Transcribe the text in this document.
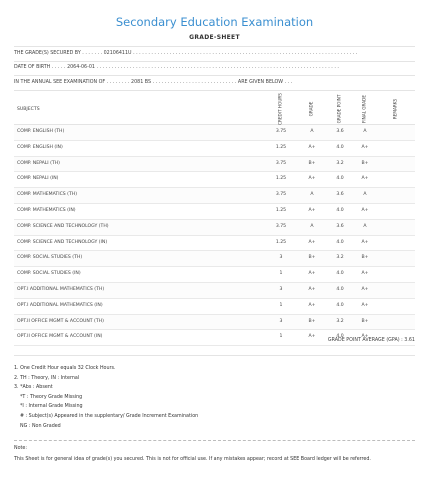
Secondary Education Examination
GRADE-SHEET
THE GRADE(S) SECURED BY . . . . . . . 02106411U . . . . . . . . . . . . . . . . . . . . . . . . . . . . . . . . . . . . . . . . . . . . . . . . . . . . . . . . . . . . . . . . . . . . . . . . . .
DATE OF BIRTH . . . . . 2064-06-01 . . . . . . . . . . . . . . . . . . . . . . . . . . . . . . . . . . . . . . . . . . . . . . . . . . . . . . . . . . . . . . . . . . . . . . . . . . . . . . . .
IN THE ANNUAL SEE EXAMINATION OF . . . . . . . . 2081 BS . . . . . . . . . . . . . . . . . . . . . . . . . . . . ARE GIVEN BELOW . . .
SUBJECTS	CREDIT HOURS	GRADE	GRADE POINT	FINAL GRADE	REMARKS
COMP. ENGLISH (TH)	3.75	A	3.6	A
COMP. ENGLISH (IN)	1.25	A+	4.0	A+
COMP. NEPALI (TH)	3.75	B+	3.2	B+
COMP. NEPALI (IN)	1.25	A+	4.0	A+
COMP. MATHEMATICS (TH)	3.75	A	3.6	A
COMP. MATHEMATICS (IN)	1.25	A+	4.0	A+
COMP. SCIENCE AND TECHNOLOGY (TH)	3.75	A	3.6	A
COMP. SCIENCE AND TECHNOLOGY (IN)	1.25	A+	4.0	A+
COMP. SOCIAL STUDIES (TH)	3	B+	3.2	B+
COMP. SOCIAL STUDIES (IN)	1	A+	4.0	A+
OPT.I ADDITIONAL MATHEMATICS (TH)	3	A+	4.0	A+
OPT.I ADDITIONAL MATHEMATICS (IN)	1	A+	4.0	A+
OPT.II OFFICE MGMT & ACCOUNT (TH)	3	B+	3.2	B+
OPT.II OFFICE MGMT & ACCOUNT (IN)	1	A+	4.0	A+
GRADE POINT AVERAGE (GPA) : 3.61
1. One Credit Hour equals 32 Clock Hours.
2. TH : Theory, IN : Internal
3. *Abs : Absent
*T : Theory Grade Missing
*I : Internal Grade Missing
# : Subject(s) Appeared in the supplentary/ Grade Increment Examination
NG : Non Graded
Note:
This Sheet is for general idea of grade(s) you secured. This is not for official use. If any mistakes appear; record at SEE Board ledger will be referred.
